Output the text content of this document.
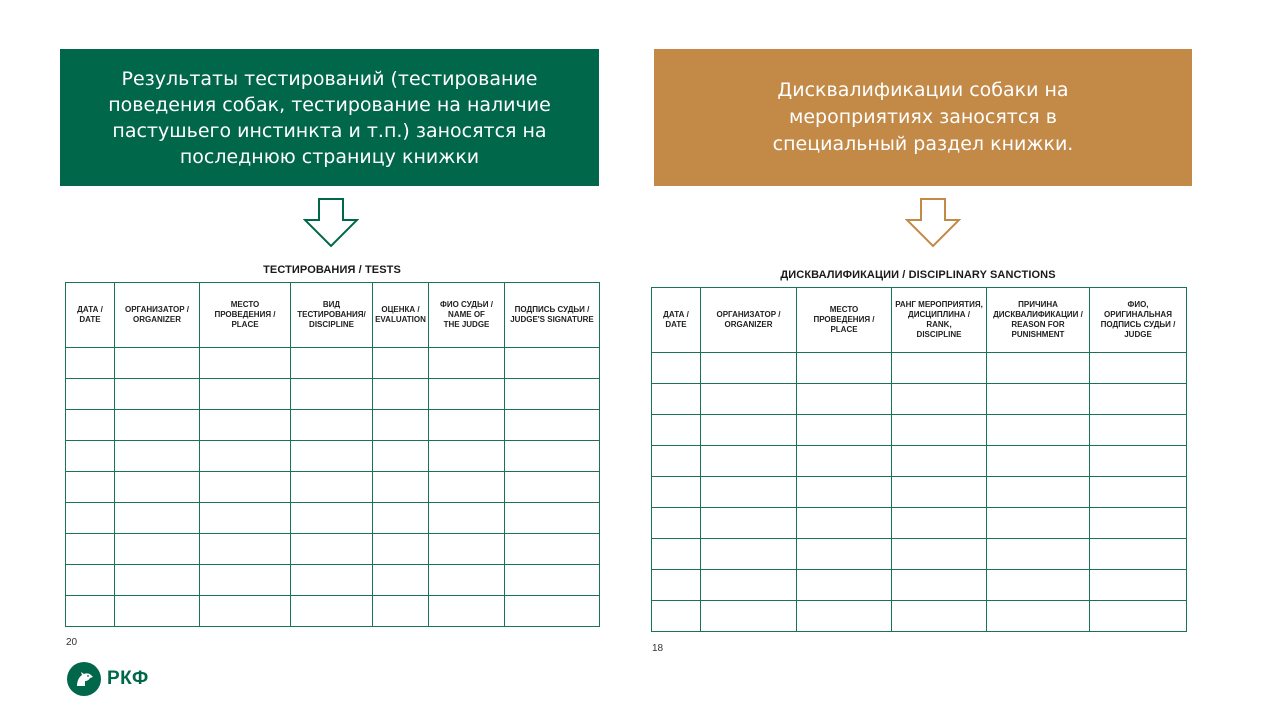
Результаты тестирований (тестирование
поведения собак, тестирование на наличие
пастушьего инстинкта и т.п.) заносятся на
последнюю страницу книжки
Дисквалификации собаки на
мероприятиях заносятся в
специальный раздел книжки.
ТЕСТИРОВАНИЯ / TESTS	ДИСКВАЛИФИКАЦИИ / DISCIPLINARY SANCTIONS
ДАТА /
DATE	ОРГАНИЗАТОР /
ORGANIZER	МЕСТО
ПРОВЕДЕНИЯ /
PLACE	ВИД
ТЕСТИРОВАНИЯ/
DISCIPLINE	ОЦЕНКА /
EVALUATION	ФИО СУДЬИ /
NAME OF
THE JUDGE	ПОДПИСЬ СУДЬИ /
JUDGE'S SIGNATURE

ДАТА /
DATE	ОРГАНИЗАТОР /
ORGANIZER	МЕСТО
ПРОВЕДЕНИЯ /
PLACE	РАНГ МЕРОПРИЯТИЯ,
ДИСЦИПЛИНА /
RANK,
DISCIPLINE	ПРИЧИНА
ДИСКВАЛИФИКАЦИИ /
REASON FOR
PUNISHMENT	ФИО,
ОРИГИНАЛЬНАЯ
ПОДПИСЬ СУДЬИ /
JUDGE

20
18
РКФ
